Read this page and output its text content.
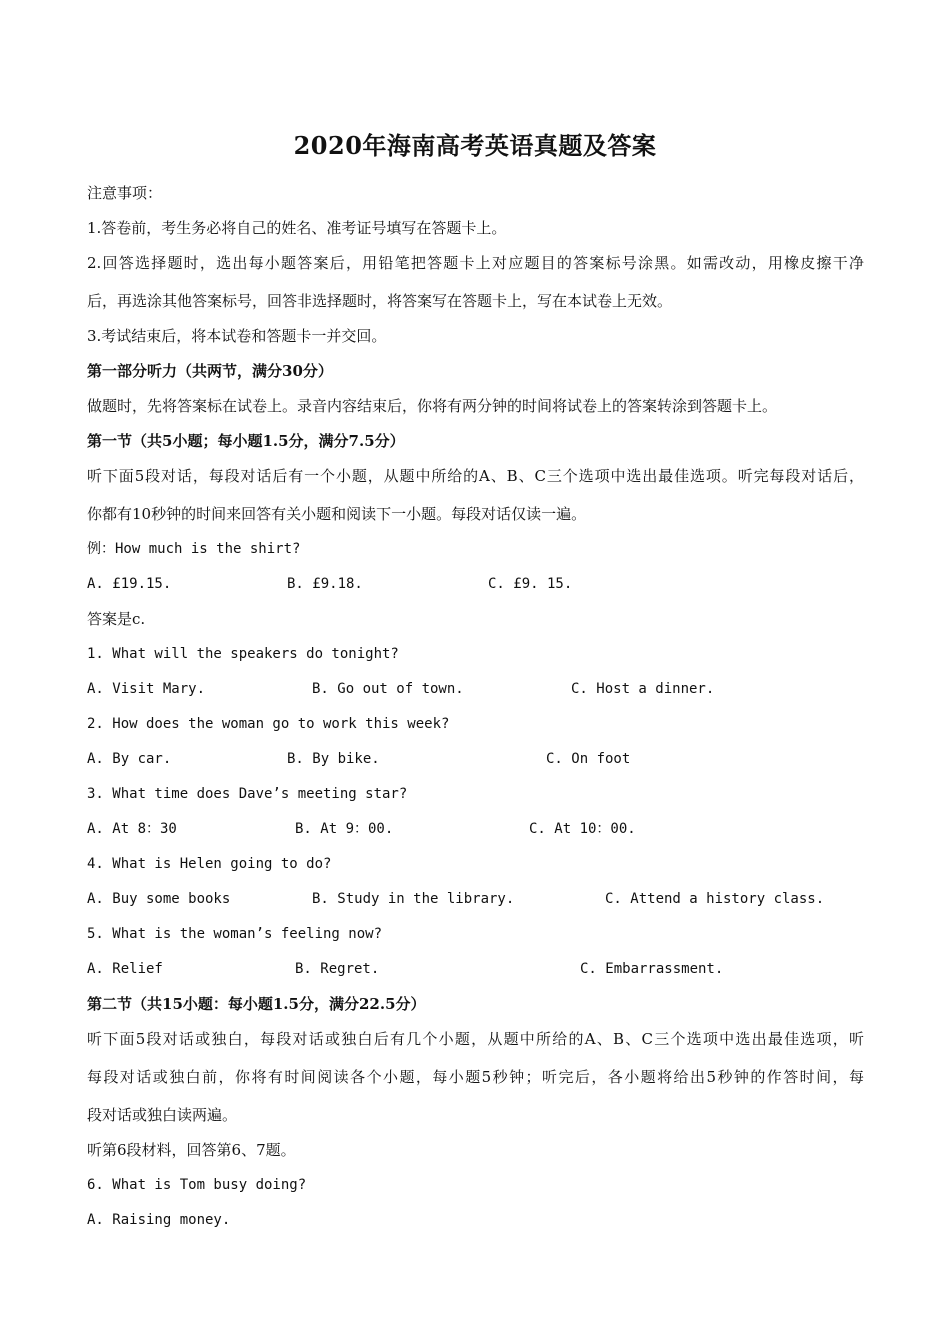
2020年海南高考英语真题及答案
注意事项：
1.答卷前，考生务必将自己的姓名、准考证号填写在答题卡上。
2.回答选择题时，选出每小题答案后，用铅笔把答题卡上对应题目的答案标号涂黑。如需改动，用橡皮擦干净
后，再选涂其他答案标号，回答非选择题时，将答案写在答题卡上，写在本试卷上无效。
3.考试结束后，将本试卷和答题卡一并交回。
第一部分听力（共两节，满分30分）
做题时，先将答案标在试卷上。录音内容结束后，你将有两分钟的时间将试卷上的答案转涂到答题卡上。
第一节（共5小题；每小题1.5分，满分7.5分）
听下面5段对话，每段对话后有一个小题，从题中所给的A、B、C三个选项中选出最佳选项。听完每段对话后，
你都有10秒钟的时间来回答有关小题和阅读下一小题。每段对话仅读一遍。
例：How much is the shirt?
A. £19.15.	B. £9.18.	C. £9. 15.
答案是c.
1. What will the speakers do tonight?
A. Visit Mary.	B. Go out of town.	C. Host a dinner.
2. How does the woman go to work this week?
A. By car.	B. By bike.	C. On foot
3. What time does Dave’s meeting star?
A. At 8：30	B. At 9：00.	C. At 10：00.
4. What is Helen going to do?
A. Buy some books	B. Study in the library.	C. Attend a history class.
5. What is the woman’s feeling now?
A. Relief	B. Regret.	C. Embarrassment.
第二节（共15小题：每小题1.5分，满分22.5分）
听下面5段对话或独白，每段对话或独白后有几个小题，从题中所给的A、B、C三个选项中选出最佳选项，听
每段对话或独白前，你将有时间阅读各个小题，每小题5秒钟；听完后，各小题将给出5秒钟的作答时间，每
段对话或独白读两遍。
听第6段材料，回答第6、7题。
6. What is Tom busy doing?
A. Raising money.
